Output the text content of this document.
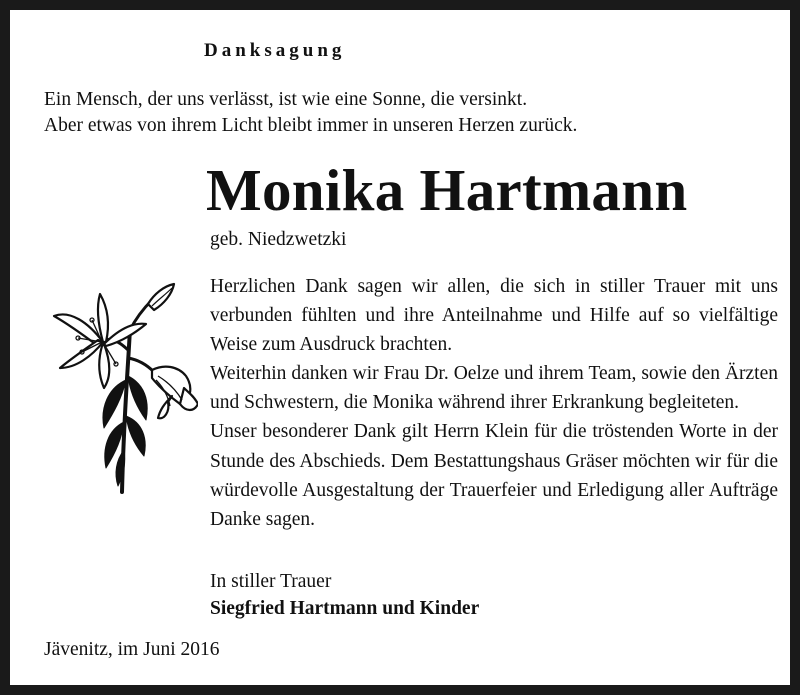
Danksagung
Ein Mensch, der uns verlässt, ist wie eine Sonne, die versinkt.
Aber etwas von ihrem Licht bleibt immer in unseren Herzen zurück.
Monika Hartmann
geb. Niedzwetzki

Herzlichen Dank sagen wir allen, die sich in stiller Trauer mit uns verbunden fühlten und ihre Anteilnahme und Hilfe auf so vielfältige Weise zum Ausdruck brachten.

Weiterhin danken wir Frau Dr. Oelze und ihrem Team, sowie den Ärzten und Schwestern, die Monika während ihrer Erkrankung begleiteten.

Unser besonderer Dank gilt Herrn Klein für die tröstenden Worte in der Stunde des Abschieds. Dem Bestattungshaus Gräser möchten wir für die würdevolle Ausgestaltung der Trauerfeier und Erledigung aller Aufträge Danke sagen.

In stiller Trauer
Siegfried Hartmann und Kinder
Jävenitz, im Juni 2016
